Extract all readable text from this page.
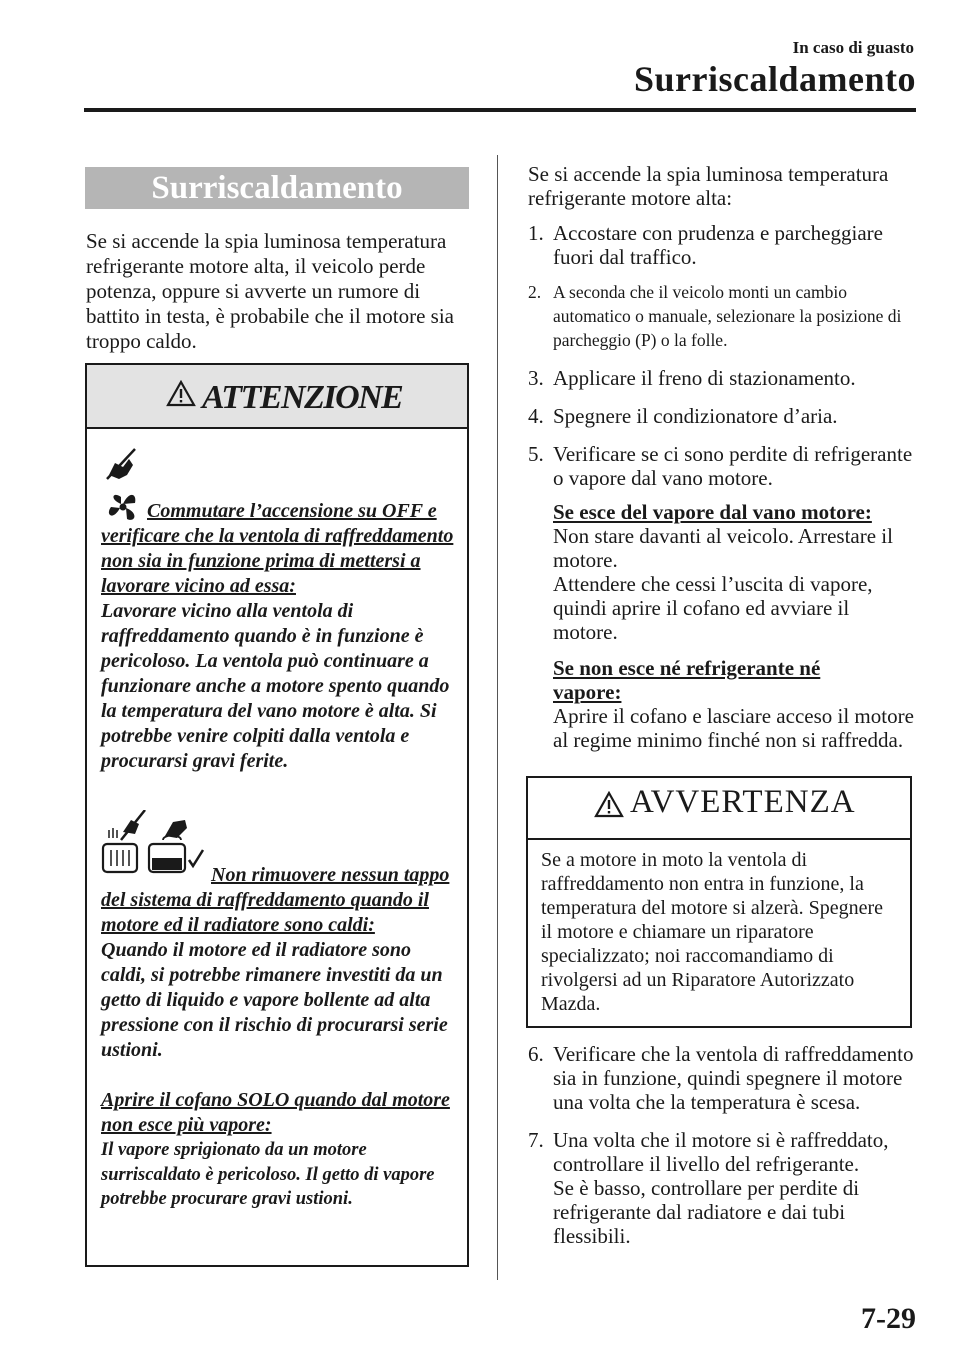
In caso di guasto
Surriscaldamento
Surriscaldamento
Se si accende la spia luminosa temperatura refrigerante motore alta, il veicolo perde potenza, oppure si avverte un rumore di battito in testa, è probabile che il motore sia troppo caldo.
ATTENZIONE
Commutare l’accensione su OFF e verificare che la ventola di raffreddamento non sia in funzione prima di mettersi a lavorare vicino ad essa:
Lavorare vicino alla ventola di raffreddamento quando è in funzione è pericoloso. La ventola può continuare a funzionare anche a motore spento quando la temperatura del vano motore è alta. Si potrebbe venire colpiti dalla ventola e procurarsi gravi ferite.
Non rimuovere nessun tappo del sistema di raffreddamento quando il motore ed il radiatore sono caldi:
Quando il motore ed il radiatore sono caldi, si potrebbe rimanere investiti da un getto di liquido e vapore bollente ad alta pressione con il rischio di procurarsi serie ustioni.
Aprire il cofano SOLO quando dal motore non esce più vapore:
Il vapore sprigionato da un motore surriscaldato è pericoloso. Il getto di vapore potrebbe procurare gravi ustioni.

Se si accende la spia luminosa temperatura refrigerante motore alta:

1. Accostare con prudenza e parcheggiare fuori dal traffico.
2. A seconda che il veicolo monti un cambio automatico o manuale, selezionare la posizione di parcheggio (P) o la folle.
3. Applicare il freno di stazionamento.
4. Spegnere il condizionatore d’aria.
5. Verificare se ci sono perdite di refrigerante o vapore dal vano motore.
Se esce del vapore dal vano motore:
Non stare davanti al veicolo. Arrestare il motore.
Attendere che cessi l’uscita di vapore, quindi aprire il cofano ed avviare il motore.
Se non esce né refrigerante né vapore:
Aprire il cofano e lasciare acceso il motore al regime minimo finché non si raffredda.
AVVERTENZA
Se a motore in moto la ventola di raffreddamento non entra in funzione, la temperatura del motore si alzerà. Spegnere il motore e chiamare un riparatore specializzato; noi raccomandiamo di rivolgersi ad un Riparatore Autorizzato Mazda.
6. Verificare che la ventola di raffreddamento sia in funzione, quindi spegnere il motore una volta che la temperatura è scesa.
7. Una volta che il motore si è raffreddato, controllare il livello del refrigerante.
Se è basso, controllare per perdite di refrigerante dal radiatore e dai tubi flessibili.
7-29
